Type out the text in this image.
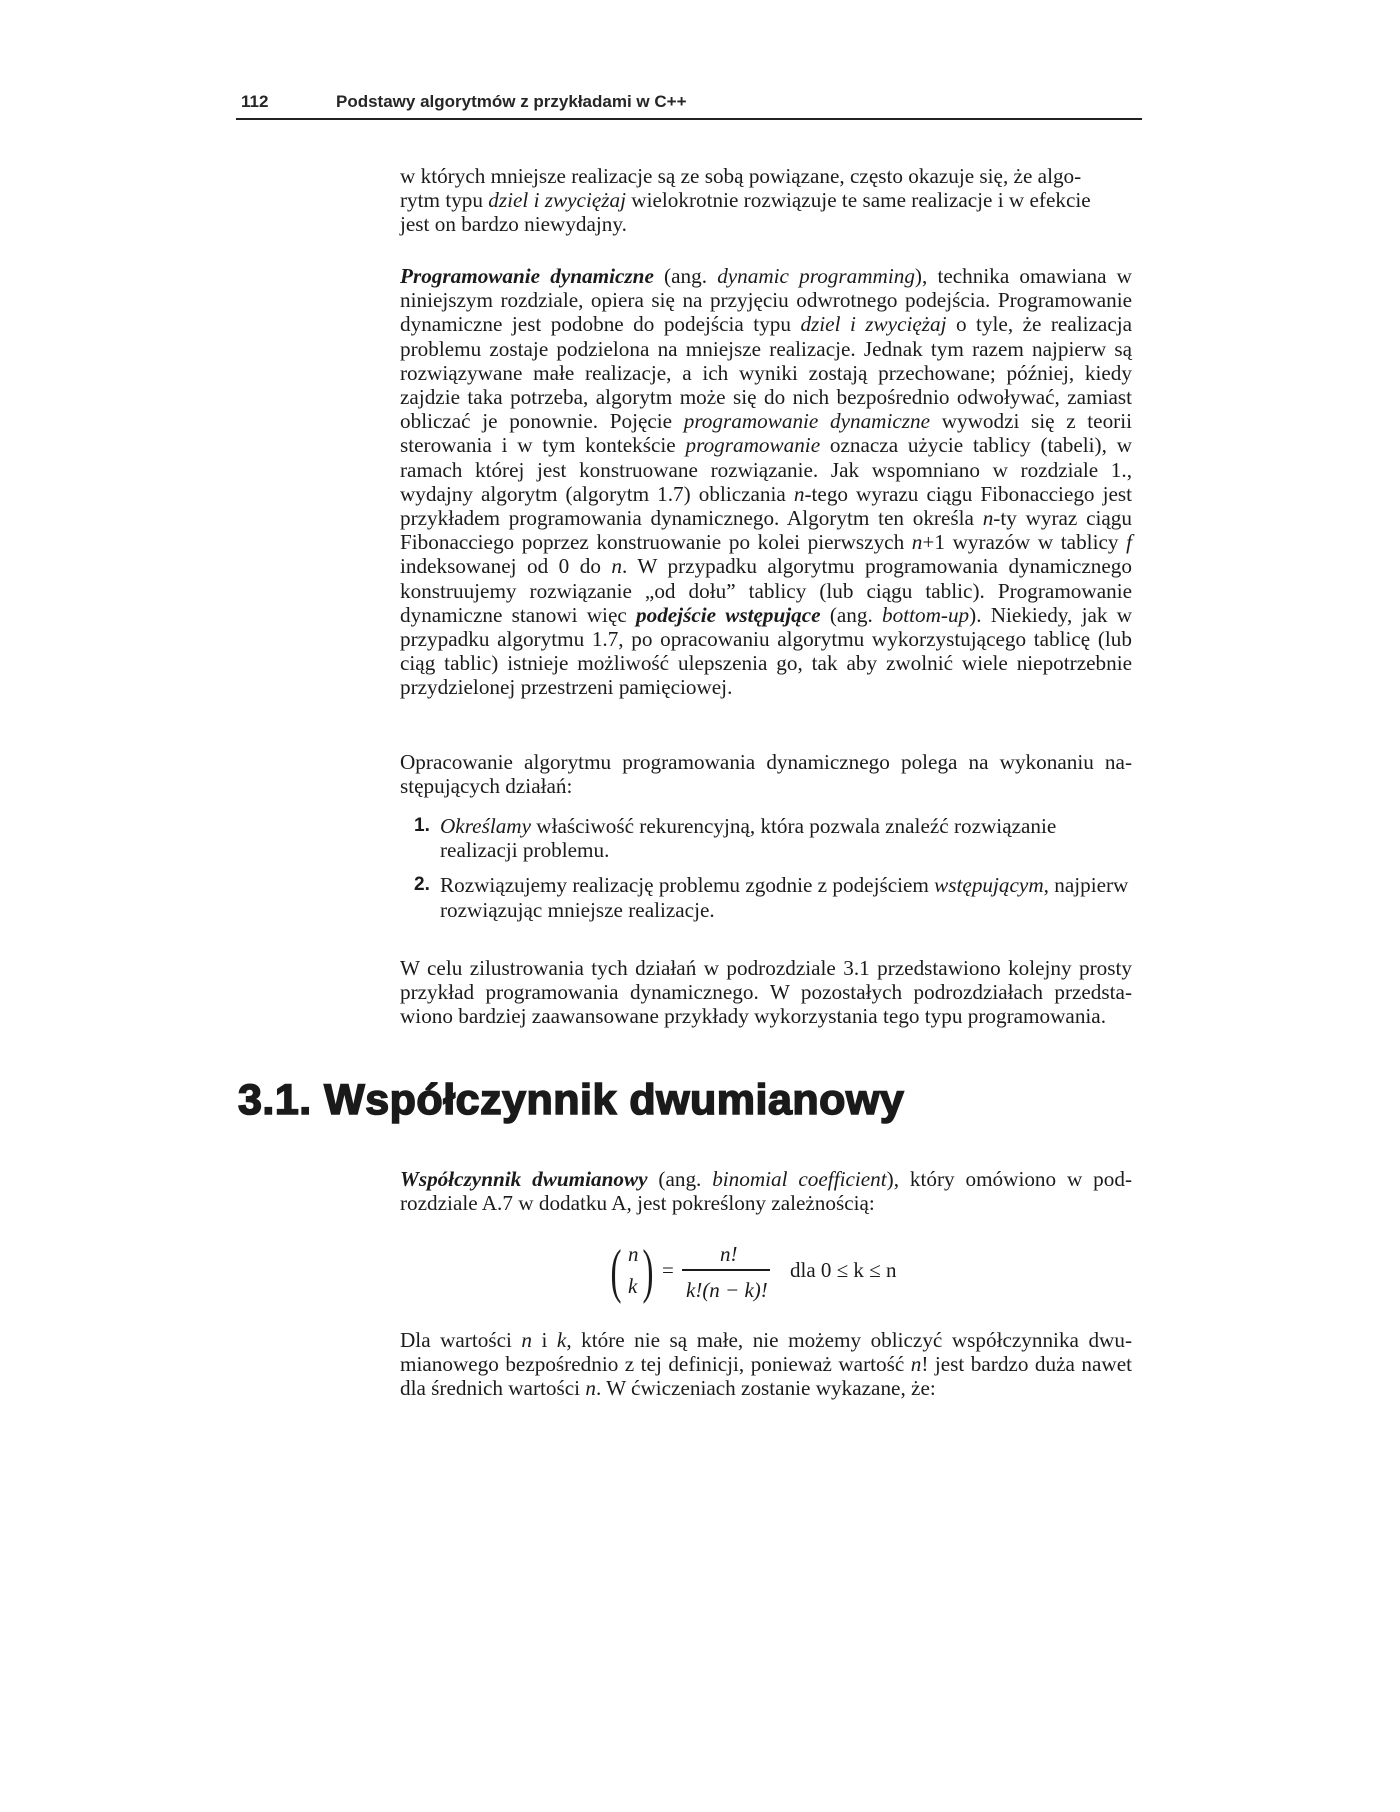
112	Podstawy algorytmów z przykładami w C++

w których mniejsze realizacje są ze sobą powiązane, często okazuje się, że algo-
rytm typu dziel i zwyciężaj wielokrotnie rozwiązuje te same realizacje i w efekcie
jest on bardzo niewydajny.

Programowanie dynamiczne (ang. dynamic programming), technika omawiana w niniejszym rozdziale, opiera się na przyjęciu odwrotnego podejścia. Programowanie dynamiczne jest podobne do podejścia typu dziel i zwyciężaj o tyle, że realizacja problemu zostaje podzielona na mniejsze realizacje. Jednak tym razem najpierw są rozwiązywane małe realizacje, a ich wyniki zostają przechowane; później, kiedy zajdzie taka potrzeba, algorytm może się do nich bezpośrednio odwoływać, zamiast obliczać je ponownie. Pojęcie programowanie dynamiczne wywodzi się z teorii sterowania i w tym kontekście programowanie oznacza użycie tablicy (tabeli), w ramach której jest konstruowane rozwiązanie. Jak wspomniano w rozdziale 1., wydajny algorytm (algorytm 1.7) obliczania n-tego wyrazu ciągu Fibonacciego jest przykładem programowania dynamicznego. Algorytm ten określa n-ty wyraz ciągu Fibonacciego poprzez konstruowanie po kolei pierwszych n+1 wyrazów w tablicy f indeksowanej od 0 do n. W przypadku algorytmu programowania dynamicznego konstruujemy rozwiązanie „od dołu” tablicy (lub ciągu tablic). Programowanie dynamiczne stanowi więc podejście wstępujące (ang. bottom-up). Niekiedy, jak w przypadku algorytmu 1.7, po opracowaniu algorytmu wykorzystującego tablicę (lub ciąg tablic) istnieje możliwość ulepszenia go, tak aby zwolnić wiele niepotrzebnie przydzielonej przestrzeni pamięciowej.

Opracowanie algorytmu programowania dynamicznego polega na wykonaniu następujących działań:

1. Określamy właściwość rekurencyjną, która pozwala znaleźć rozwiązanie realizacji problemu.
2. Rozwiązujemy realizację problemu zgodnie z podejściem wstępującym, najpierw rozwiązując mniejsze realizacje.

W celu zilustrowania tych działań w podrozdziale 3.1 przedstawiono kolejny prosty przykład programowania dynamicznego. W pozostałych podrozdziałach przedstawiono bardziej zaawansowane przykłady wykorzystania tego typu programowania.

3.1. Współczynnik dwumianowy

Współczynnik dwumianowy (ang. binomial coefficient), który omówiono w podrozdziale A.7 w dodatku A, jest pokreślony zależnością:

( n
k ) =
n!
k!(n − k)!
dla 0 ≤ k ≤ n

Dla wartości n i k, które nie są małe, nie możemy obliczyć współczynnika dwumianowego bezpośrednio z tej definicji, ponieważ wartość n! jest bardzo duża nawet dla średnich wartości n. W ćwiczeniach zostanie wykazane, że:
